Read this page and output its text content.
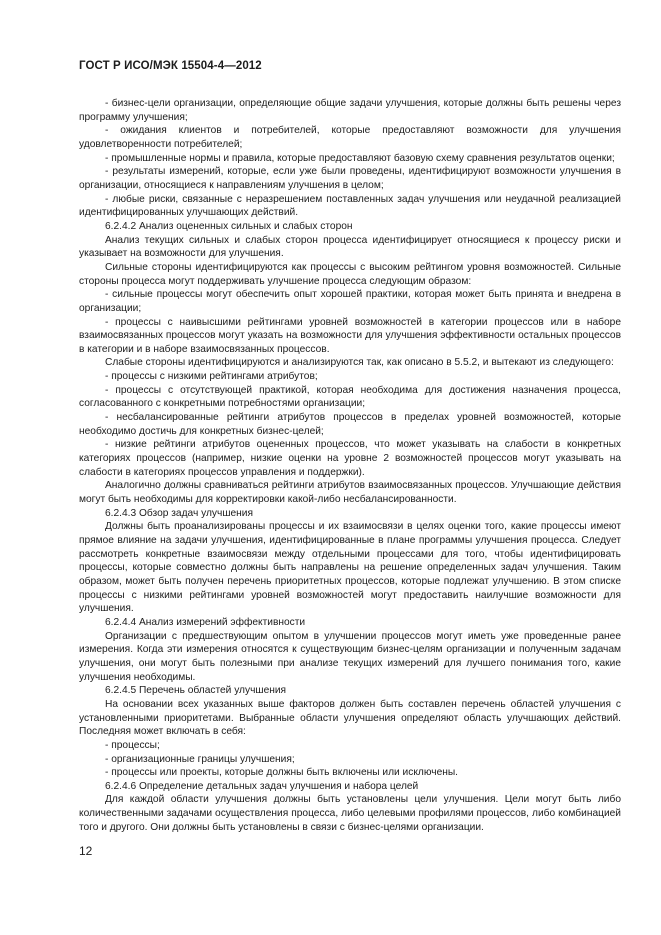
ГОСТ Р ИСО/МЭК 15504-4—2012

- бизнес-цели организации, определяющие общие задачи улучшения, которые должны быть решены через программу улучшения;

- ожидания клиентов и потребителей, которые предоставляют возможности для улучшения удовлетворенности потребителей;

- промышленные нормы и правила, которые предоставляют базовую схему сравнения результатов оценки;

- результаты измерений, которые, если уже были проведены, идентифицируют возможности улучшения в организации, относящиеся к направлениям улучшения в целом;

- любые риски, связанные с неразрешением поставленных задач улучшения или неудачной реализацией идентифицированных улучшающих действий.

6.2.4.2 Анализ оцененных сильных и слабых сторон

Анализ текущих сильных и слабых сторон процесса идентифицирует относящиеся к процессу риски и указывает на возможности для улучшения.

Сильные стороны идентифицируются как процессы с высоким рейтингом уровня возможностей. Сильные стороны процесса могут поддерживать улучшение процесса следующим образом:

- сильные процессы могут обеспечить опыт хорошей практики, которая может быть принята и внедрена в организации;

- процессы с наивысшими рейтингами уровней возможностей в категории процессов или в наборе взаимосвязанных процессов могут указать на возможности для улучшения эффективности остальных процессов в категории и в наборе взаимосвязанных процессов.

Слабые стороны идентифицируются и анализируются так, как описано в 5.5.2, и вытекают из следующего:

- процессы с низкими рейтингами атрибутов;

- процессы с отсутствующей практикой, которая необходима для достижения назначения процесса, согласованного с конкретными потребностями организации;

- несбалансированные рейтинги атрибутов процессов в пределах уровней возможностей, которые необходимо достичь для конкретных бизнес-целей;

- низкие рейтинги атрибутов оцененных процессов, что может указывать на слабости в конкретных категориях процессов (например, низкие оценки на уровне 2 возможностей процессов могут указывать на слабости в категориях процессов управления и поддержки).

Аналогично должны сравниваться рейтинги атрибутов взаимосвязанных процессов. Улучшающие действия могут быть необходимы для корректировки какой-либо несбалансированности.

6.2.4.3 Обзор задач улучшения

Должны быть проанализированы процессы и их взаимосвязи в целях оценки того, какие процессы имеют прямое влияние на задачи улучшения, идентифицированные в плане программы улучшения процесса. Следует рассмотреть конкретные взаимосвязи между отдельными процессами для того, чтобы идентифицировать процессы, которые совместно должны быть направлены на решение определенных задач улучшения. Таким образом, может быть получен перечень приоритетных процессов, которые подлежат улучшению. В этом списке процессы с низкими рейтингами уровней возможностей могут предоставить наилучшие возможности для улучшения.

6.2.4.4 Анализ измерений эффективности

Организации с предшествующим опытом в улучшении процессов могут иметь уже проведенные ранее измерения. Когда эти измерения относятся к существующим бизнес-целям организации и полученным задачам улучшения, они могут быть полезными при анализе текущих измерений для лучшего понимания того, какие улучшения необходимы.

6.2.4.5 Перечень областей улучшения

На основании всех указанных выше факторов должен быть составлен перечень областей улучшения с установленными приоритетами. Выбранные области улучшения определяют область улучшающих действий. Последняя может включать в себя:

- процессы;

- организационные границы улучшения;

- процессы или проекты, которые должны быть включены или исключены.

6.2.4.6 Определение детальных задач улучшения и набора целей

Для каждой области улучшения должны быть установлены цели улучшения. Цели могут быть либо количественными задачами осуществления процесса, либо целевыми профилями процессов, либо комбинацией того и другого. Они должны быть установлены в связи с бизнес-целями организации.

12
